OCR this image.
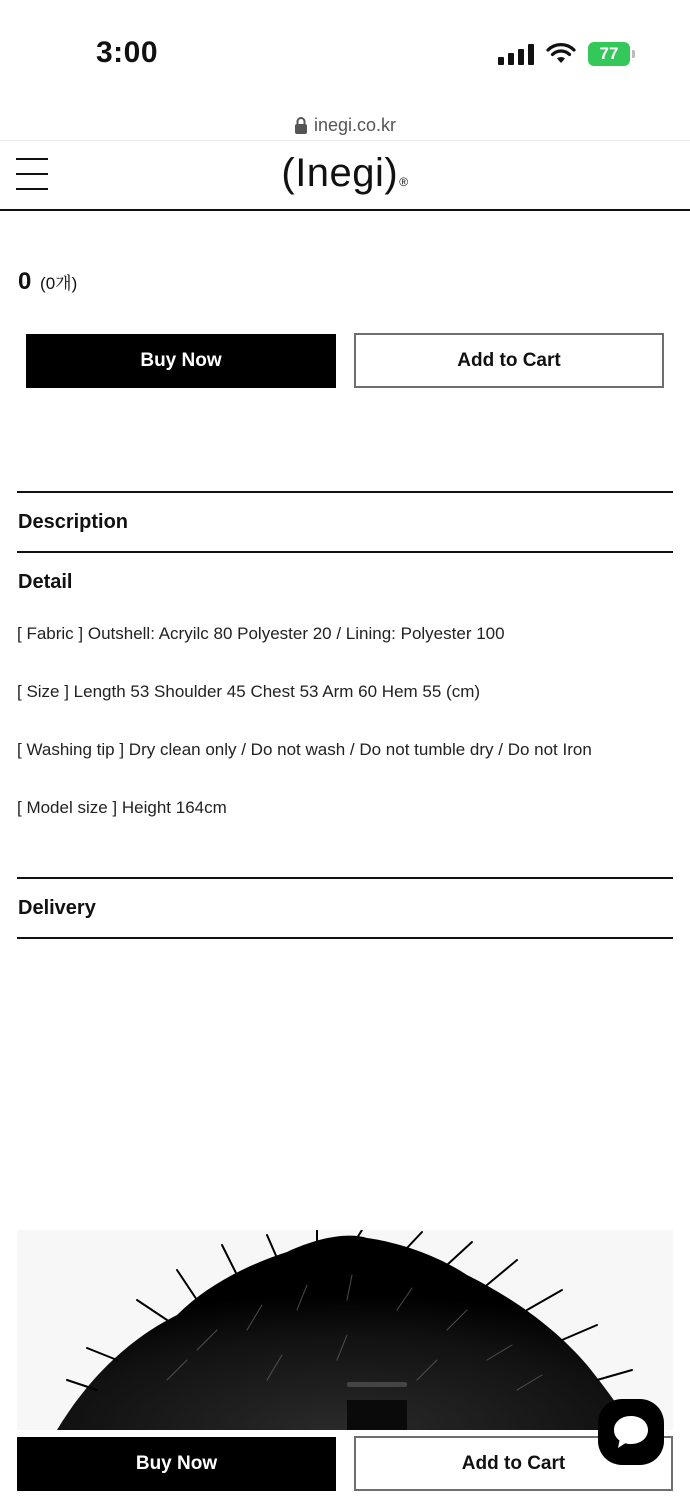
3:00	77
inegi.co.kr
(Inegi)®
0 (0개)
Buy Now	Add to Cart
Description
Detail
[ Fabric ] Outshell: Acryilc 80 Polyester 20 / Lining: Polyester 100
[ Size ] Length 53 Shoulder 45 Chest 53 Arm 60 Hem 55 (cm)
[ Washing tip ] Dry clean only / Do not wash / Do not tumble dry / Do not Iron
[ Model size ] Height 164cm
Delivery
Buy Now	Add to Cart
